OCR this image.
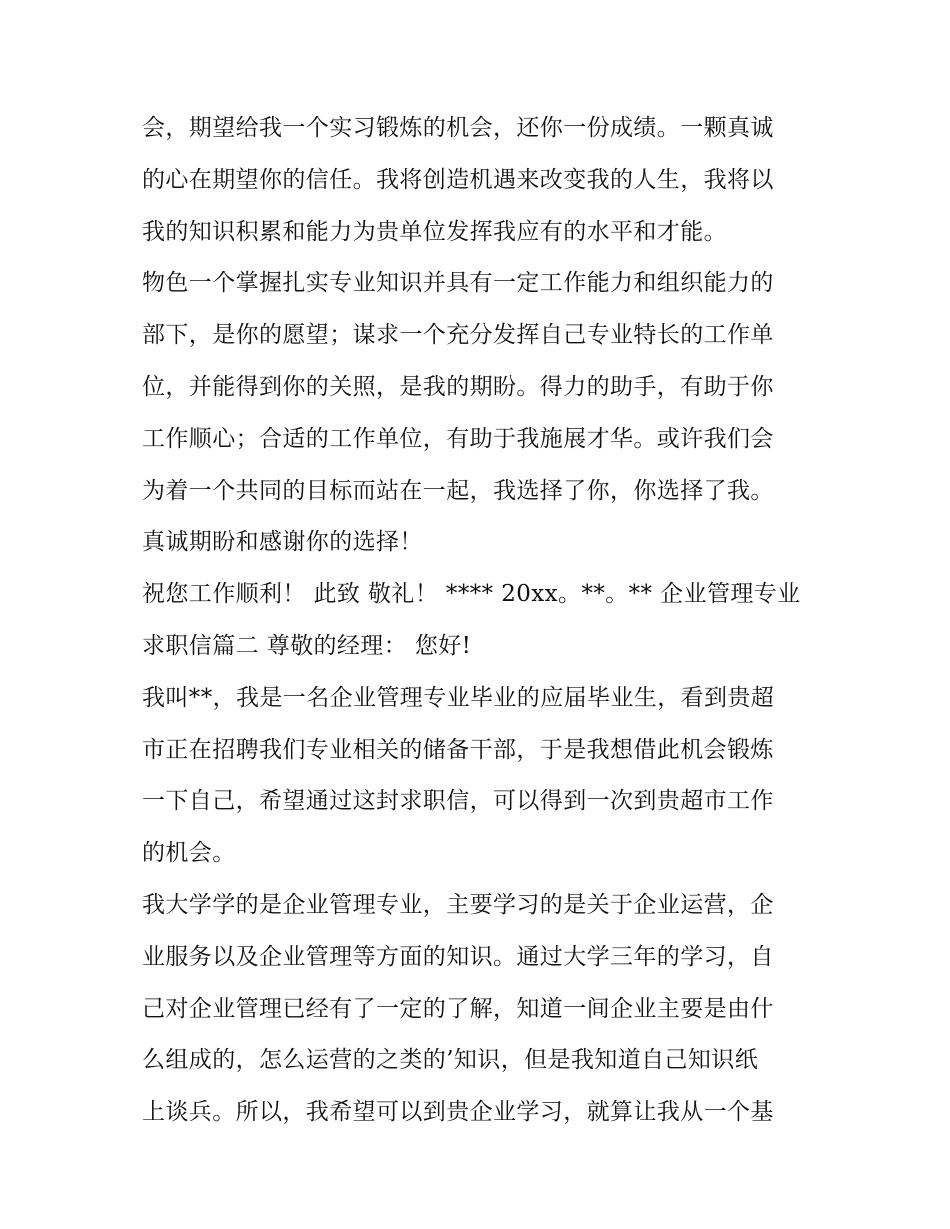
会，期望给我一个实习锻炼的机会，还你一份成绩。一颗真诚
的心在期望你的信任。我将创造机遇来改变我的人生，我将以
我的知识积累和能力为贵单位发挥我应有的水平和才能。
物色一个掌握扎实专业知识并具有一定工作能力和组织能力的
部下，是你的愿望；谋求一个充分发挥自己专业特长的工作单
位，并能得到你的关照，是我的期盼。得力的助手，有助于你
工作顺心；合适的工作单位，有助于我施展才华。或许我们会
为着一个共同的目标而站在一起，我选择了你，你选择了我。
真诚期盼和感谢你的选择！
祝您工作顺利！ 此致 敬礼！ **** 20xx。**。** 企业管理专业
求职信篇二 尊敬的经理： 您好!
我叫**，我是一名企业管理专业毕业的应届毕业生，看到贵超
市正在招聘我们专业相关的储备干部，于是我想借此机会锻炼
一下自己，希望通过这封求职信，可以得到一次到贵超市工作
的机会。
我大学学的是企业管理专业，主要学习的是关于企业运营，企
业服务以及企业管理等方面的知识。通过大学三年的学习，自
己对企业管理已经有了一定的了解，知道一间企业主要是由什
么组成的，怎么运营的之类的’知识，但是我知道自己知识纸
上谈兵。所以，我希望可以到贵企业学习，就算让我从一个基
